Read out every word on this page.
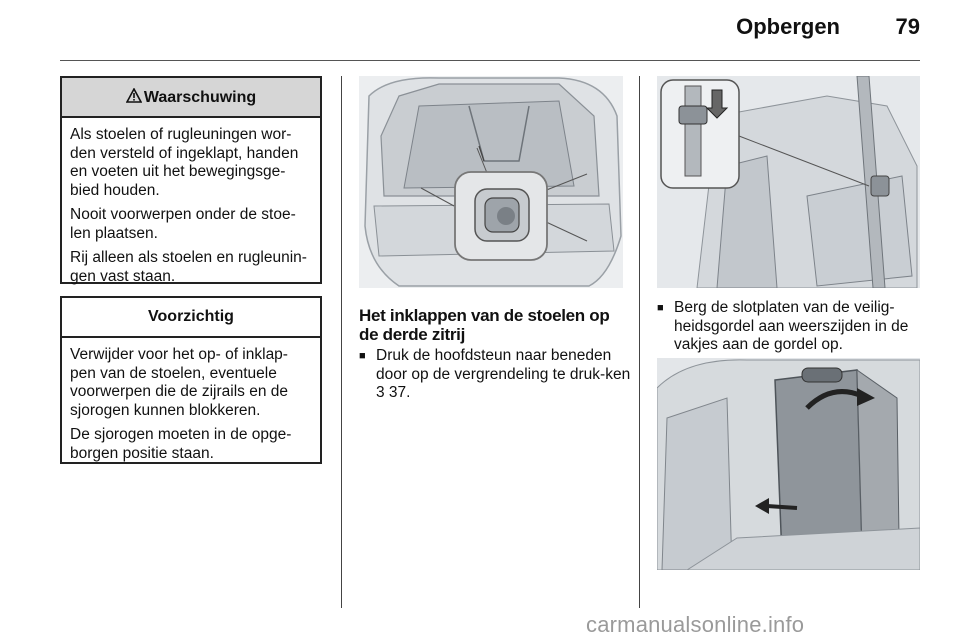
Opbergen	79
Waarschuwing

Als stoelen of rugleuningen wor-den versteld of ingeklapt, handen en voeten uit het bewegingsge-bied houden.

Nooit voorwerpen onder de stoe-len plaatsen.

Rij alleen als stoelen en rugleunin-gen vast staan.

Voorzichtig

Verwijder voor het op- of inklap-pen van de stoelen, eventuele voorwerpen die de zijrails en de sjorogen kunnen blokkeren.

De sjorogen moeten in de opge-borgen positie staan.

Het inklappen van de stoelen op de derde zitrij
■ Druk de hoofdsteun naar beneden door op de vergrendeling te druk-ken 3 37.
■ Berg de slotplaten van de veilig-heidsgordel aan weerszijden in de vakjes aan de gordel op.
carmanualsonline.info
